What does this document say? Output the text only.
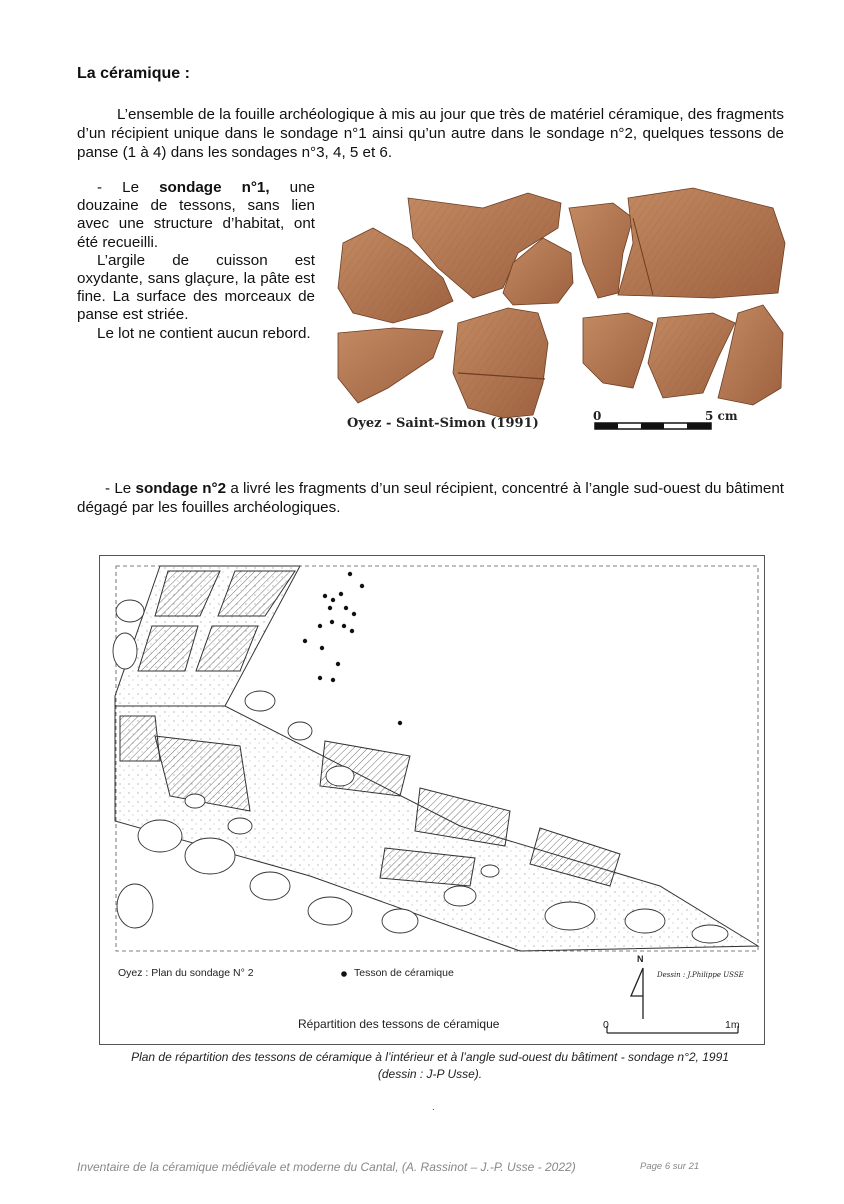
La céramique :

L’ensemble de la fouille archéologique à mis au jour que très de matériel céramique, des fragments d’un récipient unique dans le sondage n°1 ainsi qu’un autre dans le sondage n°2, quelques tessons de panse (1 à 4) dans les sondages n°3, 4, 5 et 6.

- Le sondage n°1, une douzaine de tessons, sans lien avec une structure d’habitat, ont été recueilli.

L’argile de cuisson est oxydante, sans glaçure, la pâte est fine. La surface des morceaux de panse est striée.

Le lot ne contient aucun rebord.

Oyez - Saint-Simon (1991)	0	5 cm

- Le sondage n°2 a livré les fragments d’un seul récipient, concentré à l’angle sud-ouest du bâtiment dégagé par les fouilles archéologiques.

Oyez : Plan du sondage N° 2	Tesson de céramique	Dessin : J.Philippe USSE
N
Répartition des tessons de céramique	0	1m
Plan de répartition des tessons de céramique à l’intérieur et à l’angle sud-ouest du bâtiment - sondage n°2, 1991
(dessin : J-P Usse).
.
Inventaire de la céramique médiévale et moderne du Cantal, (A. Rassinot – J.-P. Usse - 2022)	Page 6 sur 21
